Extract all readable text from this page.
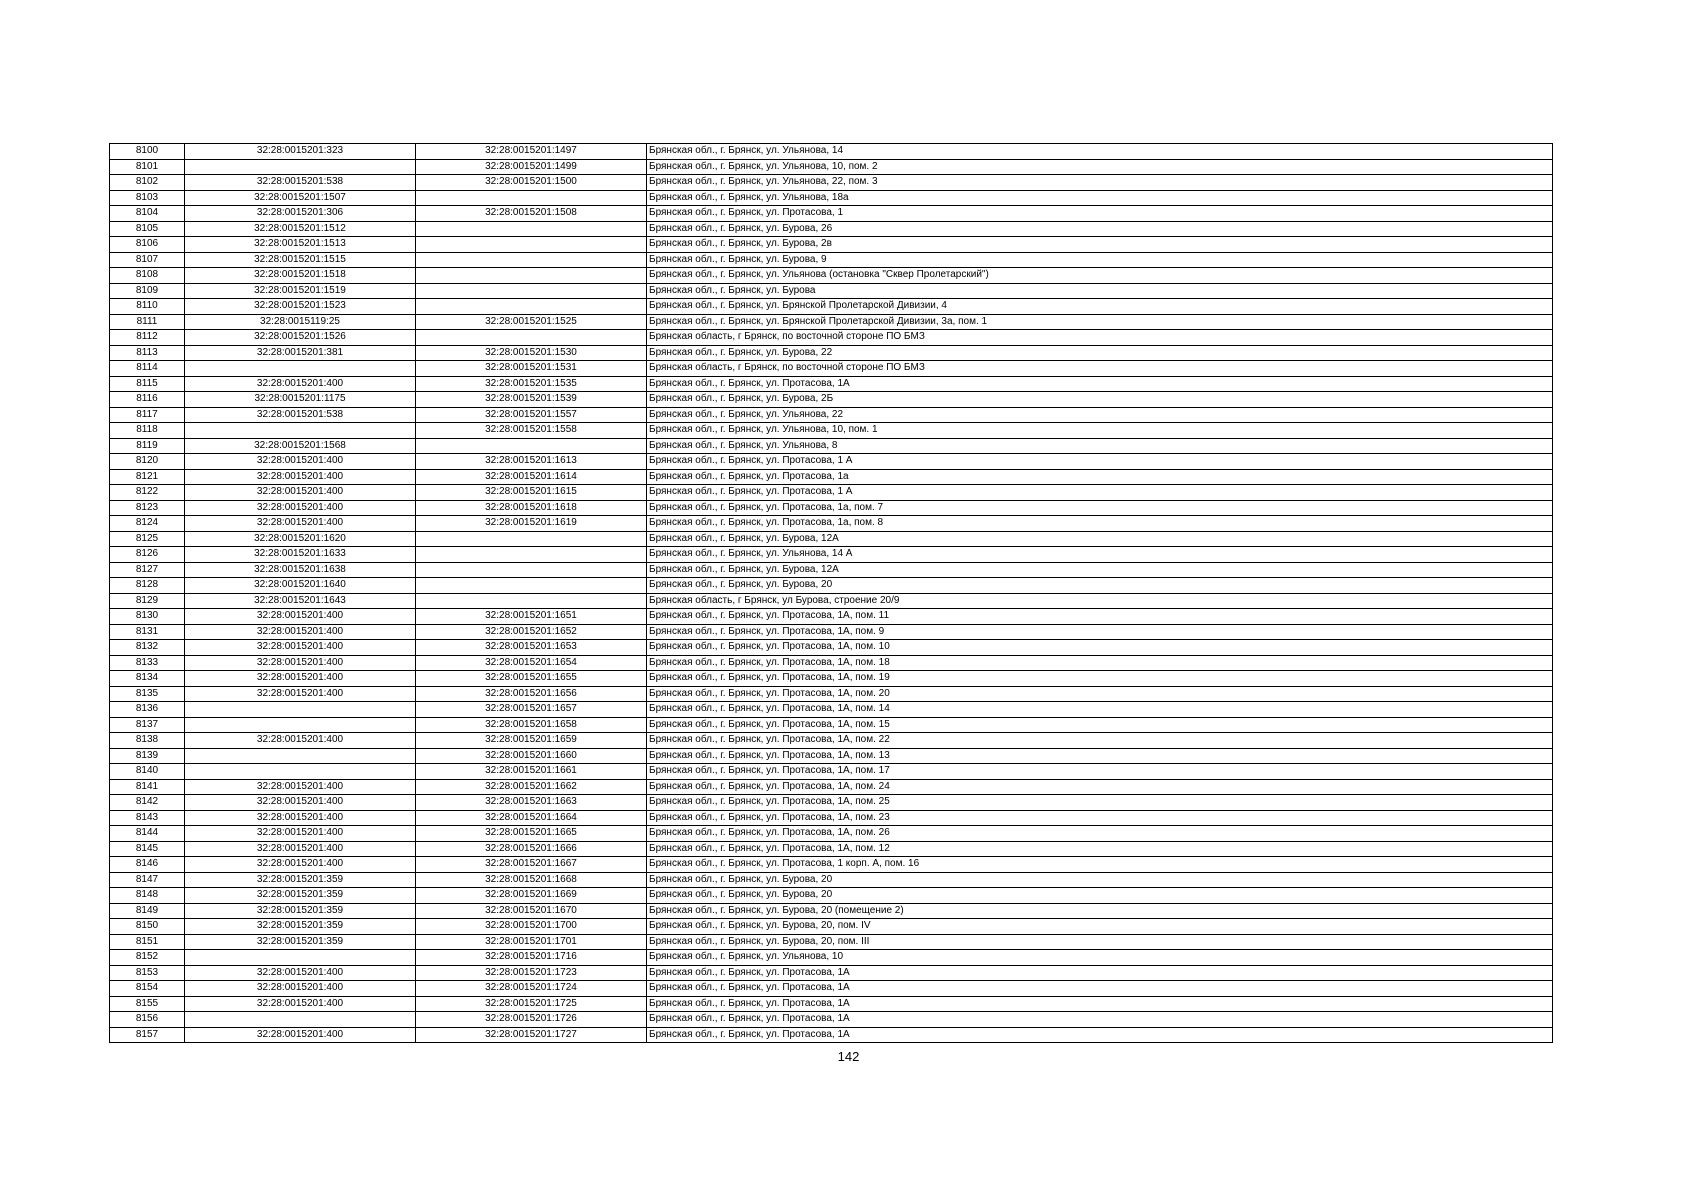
8100	32:28:0015201:323	32:28:0015201:1497	Брянская обл., г. Брянск, ул. Ульянова, 14
8101		32:28:0015201:1499	Брянская обл., г. Брянск, ул. Ульянова, 10, пом. 2
8102	32:28:0015201:538	32:28:0015201:1500	Брянская обл., г. Брянск, ул. Ульянова, 22, пом. 3
8103	32:28:0015201:1507		Брянская обл., г. Брянск, ул. Ульянова, 18а
8104	32:28:0015201:306	32:28:0015201:1508	Брянская обл., г. Брянск, ул. Протасова, 1
8105	32:28:0015201:1512		Брянская обл., г. Брянск, ул. Бурова, 26
8106	32:28:0015201:1513		Брянская обл., г. Брянск, ул. Бурова, 2в
8107	32:28:0015201:1515		Брянская обл., г. Брянск, ул. Бурова, 9
8108	32:28:0015201:1518		Брянская обл., г. Брянск, ул. Ульянова (остановка "Сквер Пролетарский")
8109	32:28:0015201:1519		Брянская обл., г. Брянск, ул. Бурова
8110	32:28:0015201:1523		Брянская обл., г. Брянск, ул. Брянской Пролетарской Дивизии, 4
8111	32:28:0015119:25	32:28:0015201:1525	Брянская обл., г. Брянск, ул. Брянской Пролетарской Дивизии, 3а, пом. 1
8112	32:28:0015201:1526		Брянская область, г Брянск, по восточной стороне ПО БМЗ
8113	32:28:0015201:381	32:28:0015201:1530	Брянская обл., г. Брянск, ул. Бурова, 22
8114		32:28:0015201:1531	Брянская область, г Брянск, по восточной стороне ПО БМЗ
8115	32:28:0015201:400	32:28:0015201:1535	Брянская обл., г. Брянск, ул. Протасова, 1А
8116	32:28:0015201:1175	32:28:0015201:1539	Брянская обл., г. Брянск, ул. Бурова, 2Б
8117	32:28:0015201:538	32:28:0015201:1557	Брянская обл., г. Брянск, ул. Ульянова, 22
8118		32:28:0015201:1558	Брянская обл., г. Брянск, ул. Ульянова, 10, пом. 1
8119	32:28:0015201:1568		Брянская обл., г. Брянск, ул. Ульянова, 8
8120	32:28:0015201:400	32:28:0015201:1613	Брянская обл., г. Брянск, ул. Протасова, 1 А
8121	32:28:0015201:400	32:28:0015201:1614	Брянская обл., г. Брянск, ул. Протасова, 1а
8122	32:28:0015201:400	32:28:0015201:1615	Брянская обл., г. Брянск, ул. Протасова, 1 А
8123	32:28:0015201:400	32:28:0015201:1618	Брянская обл., г. Брянск, ул. Протасова, 1а, пом. 7
8124	32:28:0015201:400	32:28:0015201:1619	Брянская обл., г. Брянск, ул. Протасова, 1а, пом. 8
8125	32:28:0015201:1620		Брянская обл., г. Брянск, ул. Бурова, 12А
8126	32:28:0015201:1633		Брянская обл., г. Брянск, ул. Ульянова, 14 А
8127	32:28:0015201:1638		Брянская обл., г. Брянск, ул. Бурова, 12А
8128	32:28:0015201:1640		Брянская обл., г. Брянск, ул. Бурова, 20
8129	32:28:0015201:1643		Брянская область, г Брянск, ул Бурова, строение 20/9
8130	32:28:0015201:400	32:28:0015201:1651	Брянская обл., г. Брянск, ул. Протасова, 1А, пом. 11
8131	32:28:0015201:400	32:28:0015201:1652	Брянская обл., г. Брянск, ул. Протасова, 1А, пом. 9
8132	32:28:0015201:400	32:28:0015201:1653	Брянская обл., г. Брянск, ул. Протасова, 1А, пом. 10
8133	32:28:0015201:400	32:28:0015201:1654	Брянская обл., г. Брянск, ул. Протасова, 1А, пом. 18
8134	32:28:0015201:400	32:28:0015201:1655	Брянская обл., г. Брянск, ул. Протасова, 1А, пом. 19
8135	32:28:0015201:400	32:28:0015201:1656	Брянская обл., г. Брянск, ул. Протасова, 1А, пом. 20
8136		32:28:0015201:1657	Брянская обл., г. Брянск, ул. Протасова, 1А, пом. 14
8137		32:28:0015201:1658	Брянская обл., г. Брянск, ул. Протасова, 1А, пом. 15
8138	32:28:0015201:400	32:28:0015201:1659	Брянская обл., г. Брянск, ул. Протасова, 1А, пом. 22
8139		32:28:0015201:1660	Брянская обл., г. Брянск, ул. Протасова, 1А, пом. 13
8140		32:28:0015201:1661	Брянская обл., г. Брянск, ул. Протасова, 1А, пом. 17
8141	32:28:0015201:400	32:28:0015201:1662	Брянская обл., г. Брянск, ул. Протасова, 1А, пом. 24
8142	32:28:0015201:400	32:28:0015201:1663	Брянская обл., г. Брянск, ул. Протасова, 1А, пом. 25
8143	32:28:0015201:400	32:28:0015201:1664	Брянская обл., г. Брянск, ул. Протасова, 1А, пом. 23
8144	32:28:0015201:400	32:28:0015201:1665	Брянская обл., г. Брянск, ул. Протасова, 1А, пом. 26
8145	32:28:0015201:400	32:28:0015201:1666	Брянская обл., г. Брянск, ул. Протасова, 1А, пом. 12
8146	32:28:0015201:400	32:28:0015201:1667	Брянская обл., г. Брянск, ул. Протасова, 1 корп. А, пом. 16
8147	32:28:0015201:359	32:28:0015201:1668	Брянская обл., г. Брянск, ул. Бурова, 20
8148	32:28:0015201:359	32:28:0015201:1669	Брянская обл., г. Брянск, ул. Бурова, 20
8149	32:28:0015201:359	32:28:0015201:1670	Брянская обл., г. Брянск, ул. Бурова, 20 (помещение 2)
8150	32:28:0015201:359	32:28:0015201:1700	Брянская обл., г. Брянск, ул. Бурова, 20, пом. IV
8151	32:28:0015201:359	32:28:0015201:1701	Брянская обл., г. Брянск, ул. Бурова, 20, пом. III
8152		32:28:0015201:1716	Брянская обл., г. Брянск, ул. Ульянова, 10
8153	32:28:0015201:400	32:28:0015201:1723	Брянская обл., г. Брянск, ул. Протасова, 1А
8154	32:28:0015201:400	32:28:0015201:1724	Брянская обл., г. Брянск, ул. Протасова, 1А
8155	32:28:0015201:400	32:28:0015201:1725	Брянская обл., г. Брянск, ул. Протасова, 1А
8156		32:28:0015201:1726	Брянская обл., г. Брянск, ул. Протасова, 1А
8157	32:28:0015201:400	32:28:0015201:1727	Брянская обл., г. Брянск, ул. Протасова, 1А
142
